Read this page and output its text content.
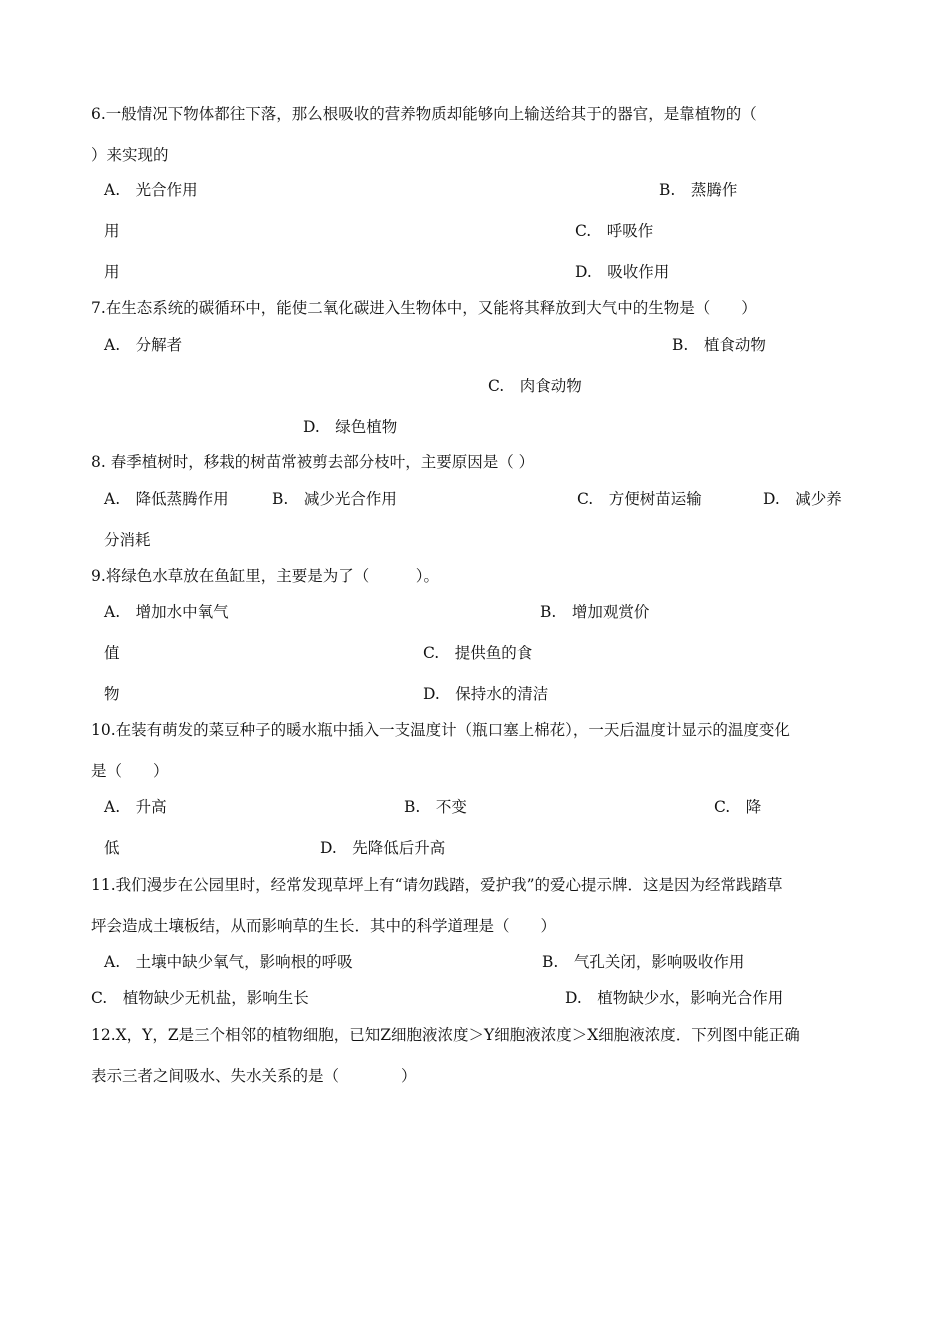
6.一般情况下物体都往下落，那么根吸收的营养物质却能够向上输送给其于的器官，是靠植物的（
）来实现的
A.　光合作用	B.　蒸腾作
用	C.　呼吸作
用	D.　吸收作用
7.在生态系统的碳循环中，能使二氧化碳进入生物体中，又能将其释放到大气中的生物是（　　）
A.　分解者	B.　植食动物
C.　肉食动物
D.　绿色植物
8. 春季植树时，移栽的树苗常被剪去部分枝叶，主要原因是（ ）
A.　降低蒸腾作用	B.　减少光合作用	C.　方便树苗运输	D.　减少养
分消耗
9.将绿色水草放在鱼缸里，主要是为了（　　　）。
A.　增加水中氧气	B.　增加观赏价
值	C.　提供鱼的食
物	D.　保持水的清洁
10.在装有萌发的菜豆种子的暖水瓶中插入一支温度计（瓶口塞上棉花），一天后温度计显示的温度变化
是（　　）
A.　升高	B.　不变	C.　降
低	D.　先降低后升高
11.我们漫步在公园里时，经常发现草坪上有“请勿践踏，爱护我”的爱心提示牌．这是因为经常践踏草
坪会造成土壤板结，从而影响草的生长．其中的科学道理是（　　）
A.　土壤中缺少氧气，影响根的呼吸	B.　气孔关闭，影响吸收作用
C.　植物缺少无机盐，影响生长	D.　植物缺少水，影响光合作用
12.X，Y，Z是三个相邻的植物细胞，已知Z细胞液浓度＞Y细胞液浓度＞X细胞液浓度．下列图中能正确
表示三者之间吸水、失水关系的是（　　　　）
